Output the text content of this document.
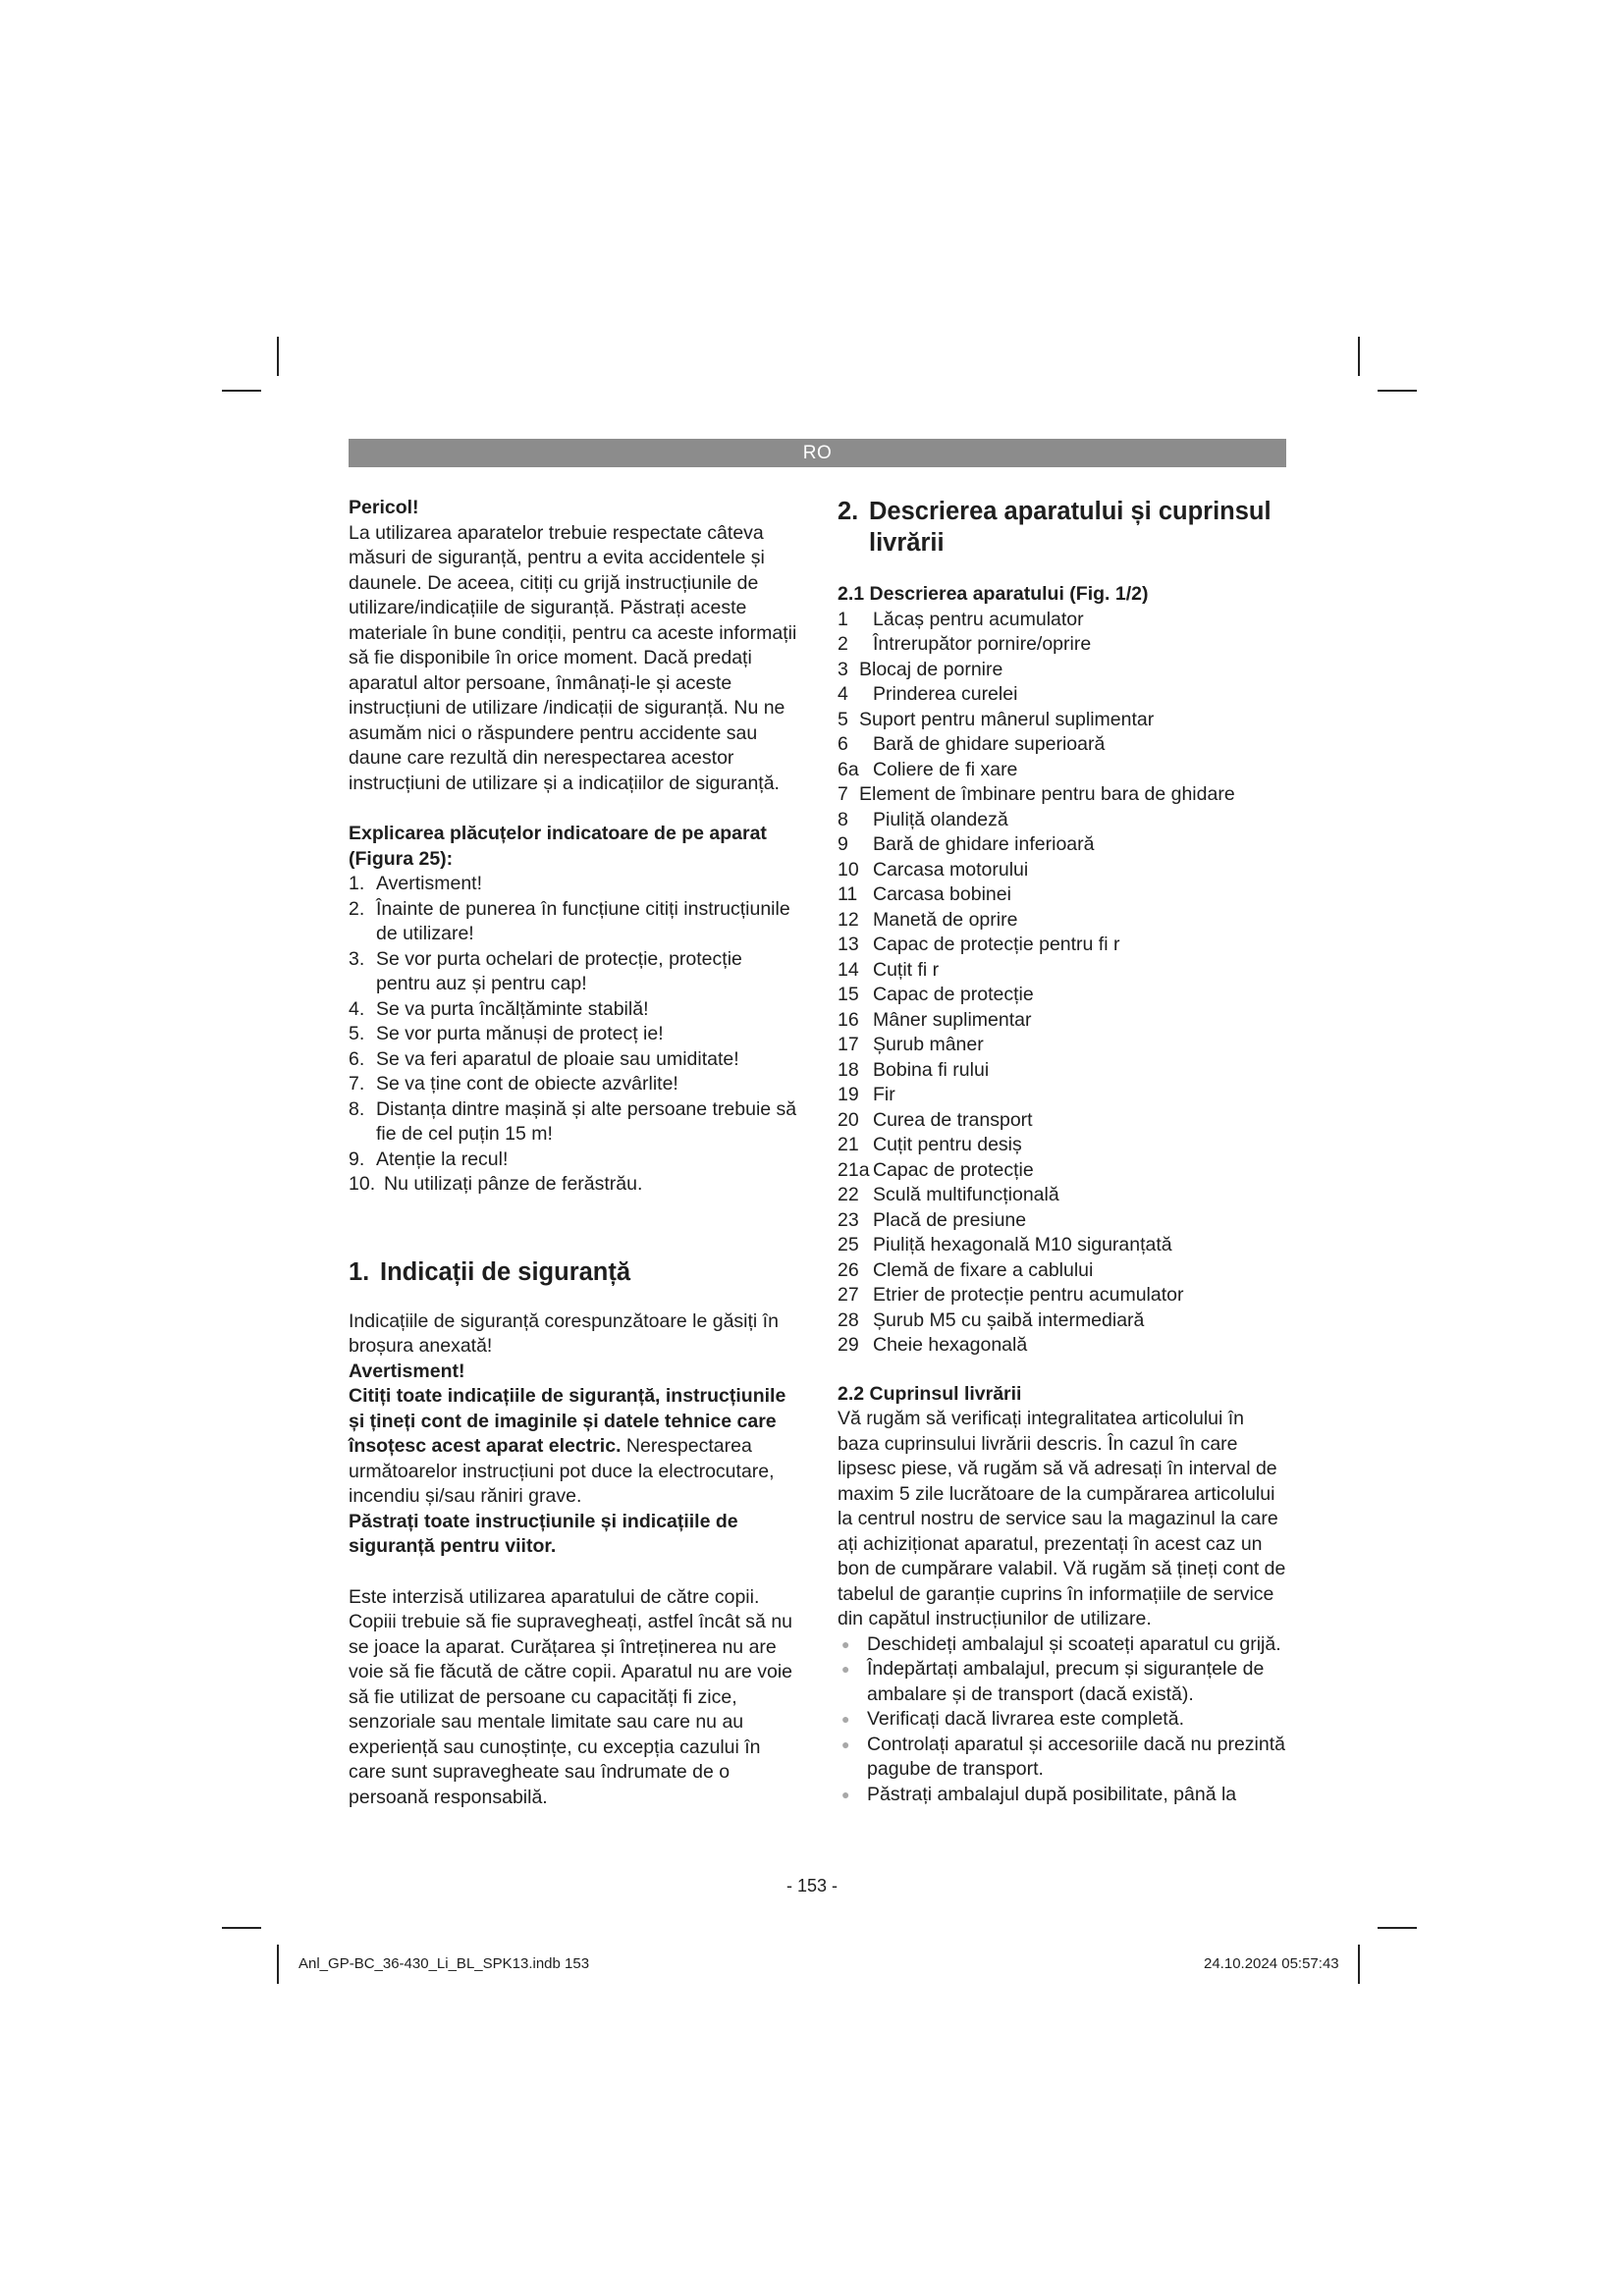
RO

Pericol!

La utilizarea aparatelor trebuie respectate câteva măsuri de siguranță, pentru a evita accidentele și daunele. De aceea, citiți cu grijă instrucțiunile de utilizare/indicațiile de siguranță. Păstrați aceste materiale în bune condiții, pentru ca aceste informații să fie disponibile în orice moment. Dacă predați aparatul altor persoane, înmânați-le și aceste instrucțiuni de utilizare /indicații de siguranță. Nu ne asumăm nici o răspundere pentru accidente sau daune care rezultă din nerespectarea acestor instrucțiuni de utilizare și a indicațiilor de siguranță.

Explicarea plăcuțelor indicatoare de pe aparat (Figura 25):

1. Avertisment!
2. Înainte de punerea în funcțiune citiți instrucțiunile de utilizare!
3. Se vor purta ochelari de protecție, protecție pentru auz și pentru cap!
4. Se va purta încălțăminte stabilă!
5. Se vor purta mănuși de protecț ie!
6. Se va feri aparatul de ploaie sau umiditate!
7. Se va ține cont de obiecte azvârlite!
8. Distanța dintre mașină și alte persoane trebuie să fie de cel puțin 15 m!
9. Atenție la recul!
10. Nu utilizați pânze de ferăstrău.

1. Indicații de siguranță

Indicațiile de siguranță corespunzătoare le găsiți în broșura anexată!

Avertisment!

Citiți toate indicațiile de siguranță, instrucțiunile și țineți cont de imaginile și datele tehnice care însoțesc acest aparat electric. Nerespectarea următoarelor instrucțiuni pot duce la electrocutare, incendiu și/sau răniri grave.

Păstrați toate instrucțiunile și indicațiile de siguranță pentru viitor.

Este interzisă utilizarea aparatului de către copii. Copiii trebuie să fie supravegheați, astfel încât să nu se joace la aparat. Curățarea și întreținerea nu are voie să fie făcută de către copii. Aparatul nu are voie să fie utilizat de persoane cu capacități fi zice, senzoriale sau mentale limitate sau care nu au experiență sau cunoștințe, cu excepția cazului în care sunt supravegheate sau îndrumate de o persoană responsabilă.

2. Descrierea aparatului și cuprinsul
livrării

2.1 Descrierea aparatului (Fig. 1/2)

1	Lăcaș pentru acumulator
2	Întrerupător pornire/oprire
3 Blocaj de pornire
4	Prinderea curelei
5 Suport pentru mânerul suplimentar
6	Bară de ghidare superioară
6a Coliere de fi xare
7 Element de îmbinare pentru bara de ghidare
8	Piuliță olandeză
9	Bară de ghidare inferioară
10 Carcasa motorului
11 Carcasa bobinei
12 Manetă de oprire
13 Capac de protecție pentru fi r
14 Cuțit fi r
15 Capac de protecție
16 Mâner suplimentar
17 Șurub mâner
18 Bobina fi rului
19 Fir
20 Curea de transport
21 Cuțit pentru desiș
21a Capac de protecție
22 Sculă multifuncțională
23 Placă de presiune
25 Piuliță hexagonală M10 siguranțată
26 Clemă de fixare a cablului
27 Etrier de protecție pentru acumulator
28 Șurub M5 cu șaibă intermediară
29 Cheie hexagonală

2.2 Cuprinsul livrării

Vă rugăm să verificați integralitatea articolului în baza cuprinsului livrării descris. În cazul în care lipsesc piese, vă rugăm să vă adresați în interval de maxim 5 zile lucrătoare de la cumpărarea articolului la centrul nostru de service sau la magazinul la care ați achiziționat aparatul, prezentați în acest caz un bon de cumpărare valabil. Vă rugăm să țineți cont de tabelul de garanție cuprins în informațiile de service din capătul instrucțiunilor de utilizare.

● Deschideți ambalajul și scoateți aparatul cu grijă.
● Îndepărtați ambalajul, precum și siguranțele de ambalare și de transport (dacă există).
● Verificați dacă livrarea este completă.
● Controlați aparatul și accesoriile dacă nu prezintă pagube de transport.
● Păstrați ambalajul după posibilitate, până la
- 153 -
Anl_GP-BC_36-430_Li_BL_SPK13.indb 153	24.10.2024 05:57:43
